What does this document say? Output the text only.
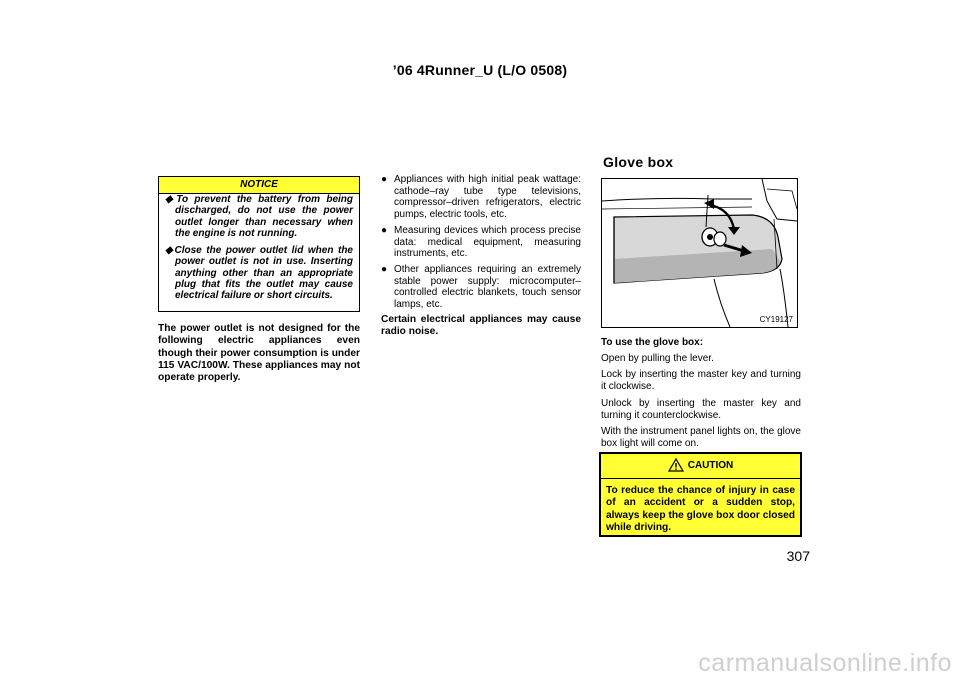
’06 4Runner_U (L/O 0508)
NOTICE
◆To prevent the battery from being discharged, do not use the power outlet longer than necessary when the engine is not running.
◆Close the power outlet lid when the power outlet is not in use. Inserting anything other than an appropriate plug that fits the outlet may cause electrical failure or short circuits.
The power outlet is not designed for the following electric appliances even though their power consumption is under 115 VAC/100W. These appliances may not operate properly.
● Appliances with high initial peak wattage: cathode–ray tube type televisions, compressor–driven refrigerators, electric pumps, electric tools, etc.
● Measuring devices which process precise data: medical equipment, measuring instruments, etc.
● Other appliances requiring an extremely stable power supply: microcomputer–controlled electric blankets, touch sensor lamps, etc.
Certain electrical appliances may cause radio noise.
Glove box
CY19127
To use the glove box:

Open by pulling the lever.

Lock by inserting the master key and turning it clockwise.

Unlock by inserting the master key and turning it counterclockwise.

With the instrument panel lights on, the glove box light will come on.

CAUTION
To reduce the chance of injury in case of an accident or a sudden stop, always keep the glove box door closed while driving.
307
carmanualsonline.info
